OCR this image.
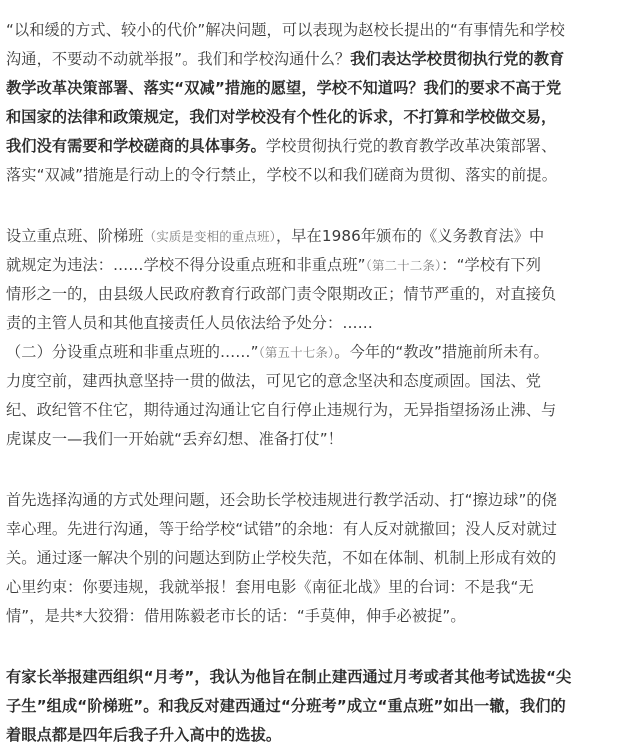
“以和缓的方式、较小的代价”解决问题，可以表现为赵校长提出的“有事情先和学校
沟通，不要动不动就举报”。我们和学校沟通什么？我们表达学校贯彻执行党的教育
教学改革决策部署、落实“双减”措施的愿望，学校不知道吗？我们的要求不高于党
和国家的法律和政策规定，我们对学校没有个性化的诉求，不打算和学校做交易，
我们没有需要和学校磋商的具体事务。学校贯彻执行党的教育教学改革决策部署、
落实“双减”措施是行动上的令行禁止，学校不以和我们磋商为贯彻、落实的前提。
设立重点班、阶梯班（实质是变相的重点班），早在1986年颁布的《义务教育法》中
就规定为违法：……学校不得分设重点班和非重点班”（第二十二条）：“学校有下列
情形之一的，由县级人民政府教育行政部门责令限期改正；情节严重的，对直接负
责的主管人员和其他直接责任人员依法给予处分：……
（二）分设重点班和非重点班的……”（第五十七条）。今年的“教改”措施前所未有。
力度空前，建西执意坚持一贯的做法，可见它的意念坚决和态度顽固。国法、党
纪、政纪管不住它，期待通过沟通让它自行停止违规行为，无异指望扬汤止沸、与
虎谋皮一—我们一开始就“丢弃幻想、准备打仗”！
首先选择沟通的方式处理问题，还会助长学校违规进行教学活动、打“擦边球”的侥
幸心理。先进行沟通，等于给学校“试错”的余地：有人反对就撤回；没人反对就过
关。通过逐一解决个别的问题达到防止学校失范，不如在体制、机制上形成有效的
心里约束：你要违规，我就举报！套用电影《南征北战》里的台词：不是我“无
情”，是共*大狡猾：借用陈毅老市长的话：“手莫伸，伸手必被捉”。
有家长举报建西组织“月考”，我认为他旨在制止建西通过月考或者其他考试选拔“尖
子生”组成“阶梯班”。和我反对建西通过“分班考”成立“重点班”如出一辙，我们的
着眼点都是四年后我子升入高中的选拔。
